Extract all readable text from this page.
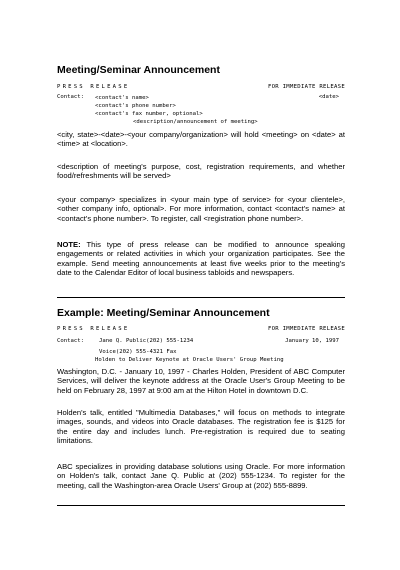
Meeting/Seminar Announcement
PRESS RELEASE	FOR IMMEDIATE RELEASE
Contact:	<date>
<contact's name>
<contact's phone number>
<contact's fax number, optional>
<description/announcement of meeting>
<city, state>-<date>-<your company/organization> will hold <meeting> on <date> at <time> at <location>.
<description of meeting's purpose, cost, registration requirements, and whether food/refreshments will be served>
<your company> specializes in <your main type of service> for <your clientele>, <other company info, optional>. For more information, contact <contact's name> at <contact's phone number>. To register, call <registration phone number>.
NOTE: This type of press release can be modified to announce speaking engagements or related activities in which your organization participates. See the example. Send meeting announcements at least five weeks prior to the meeting's date to the Calendar Editor of local business tabloids and newspapers.
Example: Meeting/Seminar Announcement
PRESS RELEASE	FOR IMMEDIATE RELEASE
Contact:	Jane Q. Public(202) 555-1234	January 10, 1997
Voice(202) 555-4321 Fax
Holden to Deliver Keynote at Oracle Users' Group Meeting
Washington, D.C. - January 10, 1997 - Charles Holden, President of ABC Computer Services, will deliver the keynote address at the Oracle User's Group Meeting to be held on February 28, 1997 at 9:00 am at the Hilton Hotel in downtown D.C.
Holden's talk, entitled "Multimedia Databases," will focus on methods to integrate images, sounds, and videos into Oracle databases. The registration fee is $125 for the entire day and includes lunch. Pre-registration is required due to seating limitations.
ABC specializes in providing database solutions using Oracle. For more information on Holden's talk, contact Jane Q. Public at (202) 555-1234. To register for the meeting, call the Washington-area Oracle Users' Group at (202) 555-8899.
